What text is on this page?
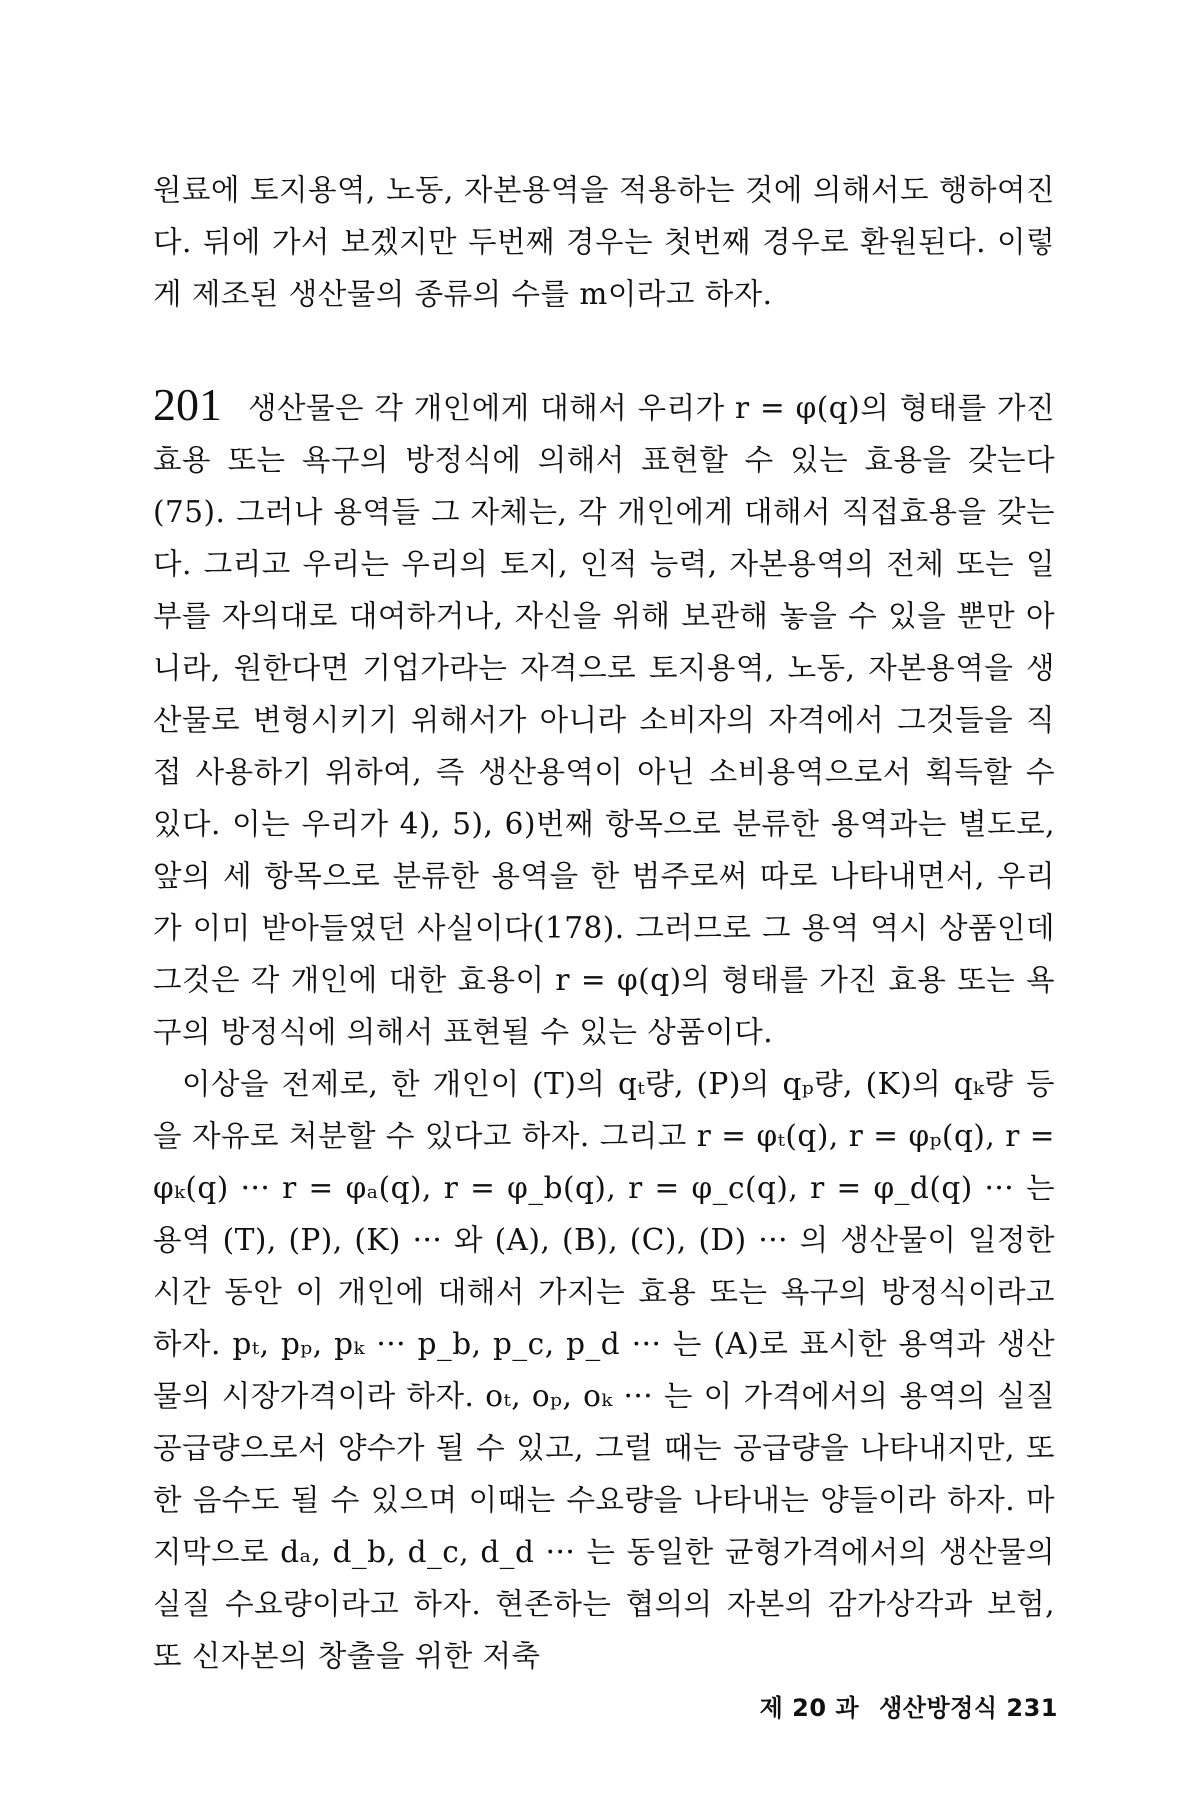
원료에 토지용역, 노동, 자본용역을 적용하는 것에 의해서도 행하여진다. 뒤에 가서 보겠지만 두번째 경우는 첫번째 경우로 환원된다. 이렇게 제조된 생산물의 종류의 수를 m이라고 하자.

201 생산물은 각 개인에게 대해서 우리가 r = φ(q)의 형태를 가진 효용 또는 욕구의 방정식에 의해서 표현할 수 있는 효용을 갖는다(75). 그러나 용역들 그 자체는, 각 개인에게 대해서 직접효용을 갖는다. 그리고 우리는 우리의 토지, 인적 능력, 자본용역의 전체 또는 일부를 자의대로 대여하거나, 자신을 위해 보관해 놓을 수 있을 뿐만 아니라, 원한다면 기업가라는 자격으로 토지용역, 노동, 자본용역을 생산물로 변형시키기 위해서가 아니라 소비자의 자격에서 그것들을 직접 사용하기 위하여, 즉 생산용역이 아닌 소비용역으로서 획득할 수 있다. 이는 우리가 4), 5), 6)번째 항목으로 분류한 용역과는 별도로, 앞의 세 항목으로 분류한 용역을 한 범주로써 따로 나타내면서, 우리가 이미 받아들였던 사실이다(178). 그러므로 그 용역 역시 상품인데 그것은 각 개인에 대한 효용이 r = φ(q)의 형태를 가진 효용 또는 욕구의 방정식에 의해서 표현될 수 있는 상품이다.

이상을 전제로, 한 개인이 (T)의 qₜ량, (P)의 qₚ량, (K)의 qₖ량 등을 자유로 처분할 수 있다고 하자. 그리고 r = φₜ(q), r = φₚ(q), r = φₖ(q) ··· r = φₐ(q), r = φ_b(q), r = φ_c(q), r = φ_d(q) ··· 는 용역 (T), (P), (K) ··· 와 (A), (B), (C), (D) ··· 의 생산물이 일정한 시간 동안 이 개인에 대해서 가지는 효용 또는 욕구의 방정식이라고 하자. pₜ, pₚ, pₖ ··· p_b, p_c, p_d ··· 는 (A)로 표시한 용역과 생산물의 시장가격이라 하자. oₜ, oₚ, oₖ ··· 는 이 가격에서의 용역의 실질 공급량으로서 양수가 될 수 있고, 그럴 때는 공급량을 나타내지만, 또한 음수도 될 수 있으며 이때는 수요량을 나타내는 양들이라 하자. 마지막으로 dₐ, d_b, d_c, d_d ··· 는 동일한 균형가격에서의 생산물의 실질 수요량이라고 하자. 현존하는 협의의 자본의 감가상각과 보험, 또 신자본의 창출을 위한 저축

제 20 과 생산방정식 231
